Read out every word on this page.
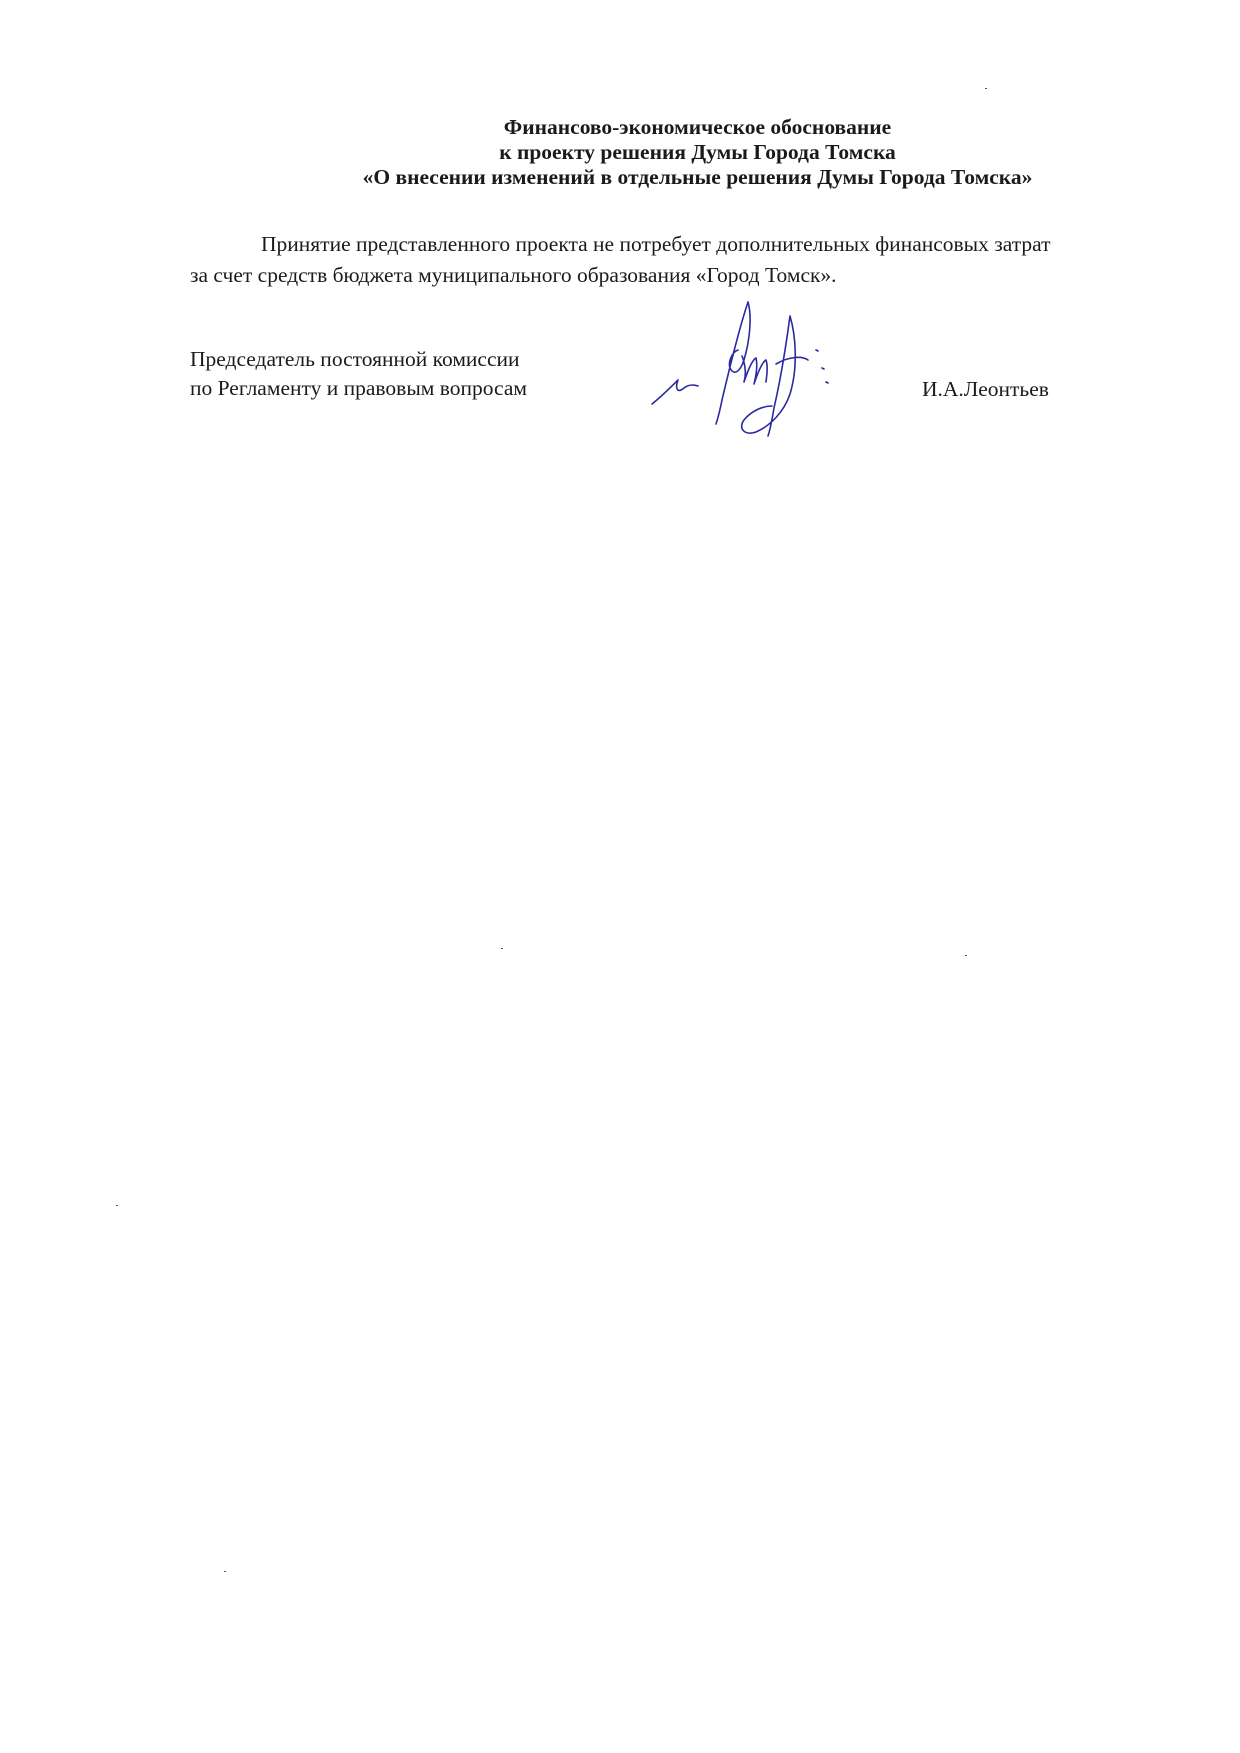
Финансово-экономическое обоснование
к проекту решения Думы Города Томска
«О внесении изменений в отдельные решения Думы Города Томска»
Принятие представленного проекта не потребует дополнительных финансовых затрат
за счет средств бюджета муниципального образования «Город Томск».
Председатель постоянной комиссии
по Регламенту и правовым вопросам	И.А.Леонтьев
